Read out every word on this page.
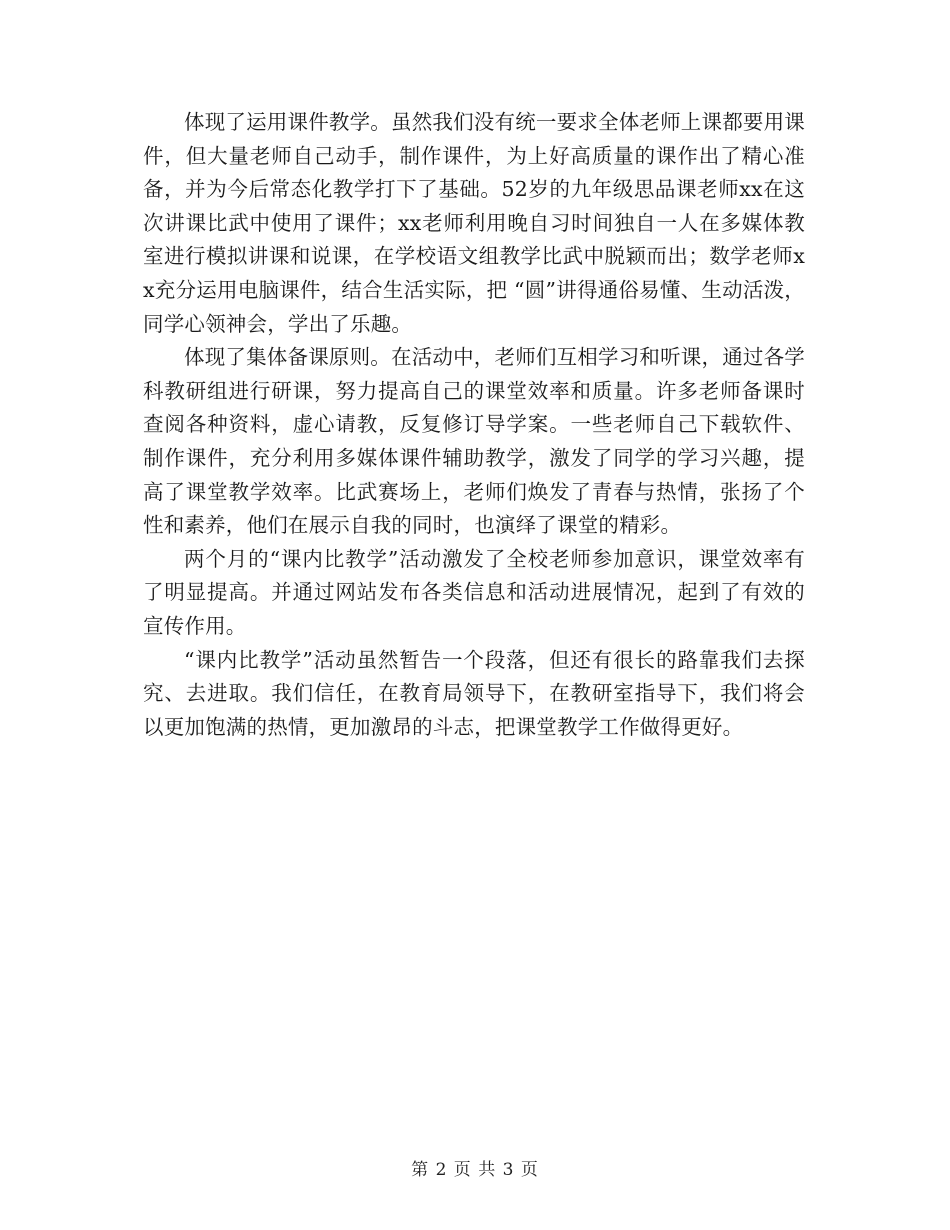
体现了运用课件教学。虽然我们没有统一要求全体老师上课都要用课件，但大量老师自己动手，制作课件，为上好高质量的课作出了精心准备，并为今后常态化教学打下了基础。52岁的九年级思品课老师xx在这次讲课比武中使用了课件；xx老师利用晚自习时间独自一人在多媒体教室进行模拟讲课和说课，在学校语文组教学比武中脱颖而出；数学老师xx充分运用电脑课件，结合生活实际，把 “圆”讲得通俗易懂、生动活泼，同学心领神会，学出了乐趣。

体现了集体备课原则。在活动中，老师们互相学习和听课，通过各学科教研组进行研课，努力提高自己的课堂效率和质量。许多老师备课时查阅各种资料，虚心请教，反复修订导学案。一些老师自己下载软件、制作课件，充分利用多媒体课件辅助教学，激发了同学的学习兴趣，提高了课堂教学效率。比武赛场上，老师们焕发了青春与热情，张扬了个性和素养，他们在展示自我的同时，也演绎了课堂的精彩。

两个月的“课内比教学”活动激发了全校老师参加意识，课堂效率有了明显提高。并通过网站发布各类信息和活动进展情况，起到了有效的宣传作用。

“课内比教学”活动虽然暂告一个段落，但还有很长的路靠我们去探究、去进取。我们信任，在教育局领导下，在教研室指导下，我们将会以更加饱满的热情，更加激昂的斗志，把课堂教学工作做得更好。

第 2 页 共 3 页
